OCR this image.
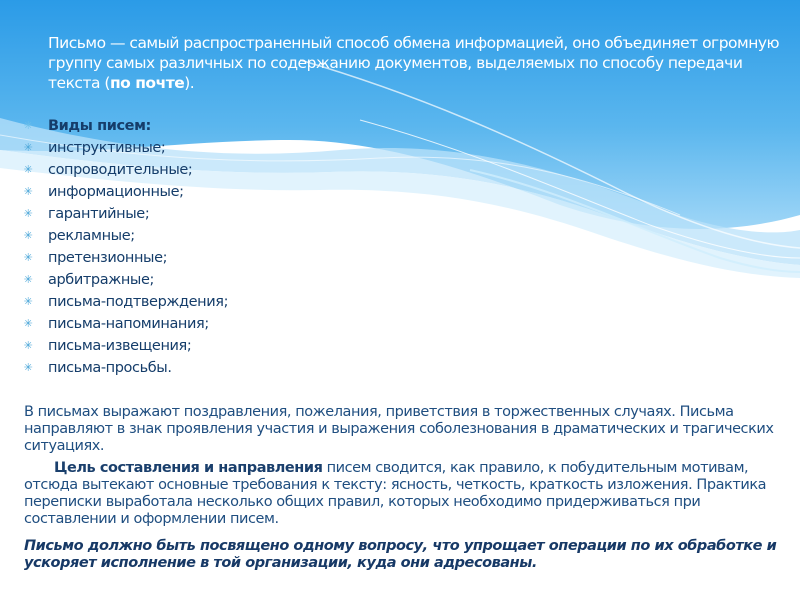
Письмо — самый распространенный способ обмена информацией, оно объединяет огромную группу самых различных по содержанию документов, выделяемых по способу передачи текста (по почте).
✳ Виды писем:
✳ инструктивные;
✳ сопроводительные;
✳ информационные;
✳ гарантийные;
✳ рекламные;
✳ претензионные;
✳ арбитражные;
✳ письма-подтверждения;
✳ письма-напоминания;
✳ письма-извещения;
✳ письма-просьбы.

В письмах выражают поздравления, пожелания, приветствия в торжественных случаях. Письма направляют в знак проявления участия и выражения соболезнования в драматических и трагических ситуациях.

Цель составления и направления писем сводится, как правило, к побудительным мотивам, отсюда вытекают основные требования к тексту: ясность, четкость, краткость изложения. Практика переписки выработала несколько общих правил, которых необходимо придерживаться при составлении и оформлении писем.

Письмо должно быть посвящено одному вопросу, что упрощает операции по их обработке и ускоряет исполнение в той организации, куда они адресованы.
